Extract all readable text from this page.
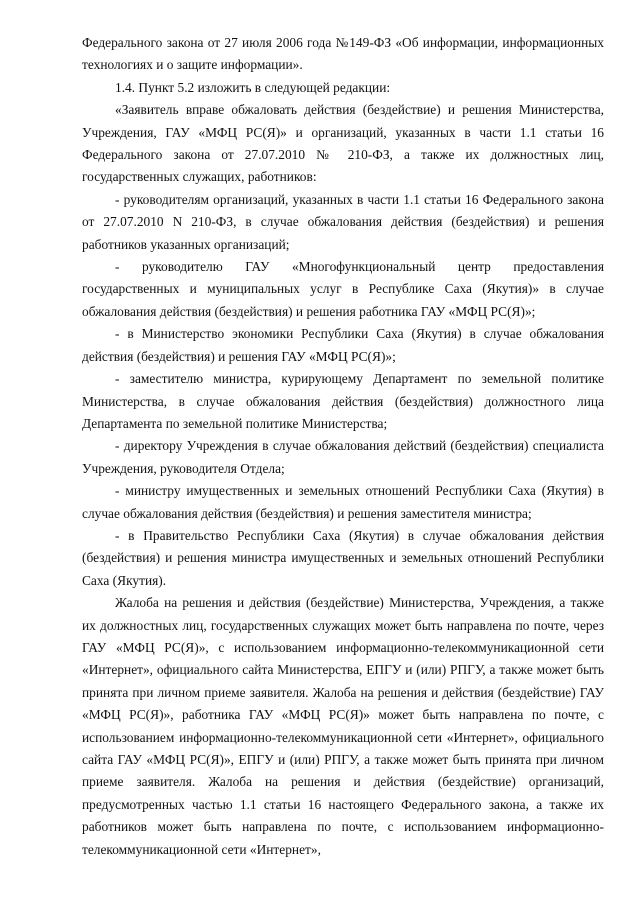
Федерального закона от 27 июля 2006 года №149-ФЗ «Об информации, информационных технологиях и о защите информации».

1.4. Пункт 5.2 изложить в следующей редакции:

«Заявитель вправе обжаловать действия (бездействие) и решения Министерства, Учреждения, ГАУ «МФЦ РС(Я)» и организаций, указанных в части 1.1 статьи 16 Федерального закона от 27.07.2010 № 210-ФЗ, а также их должностных лиц, государственных служащих, работников:

- руководителям организаций, указанных в части 1.1 статьи 16 Федерального закона от 27.07.2010 N 210-ФЗ, в случае обжалования действия (бездействия) и решения работников указанных организаций;

- руководителю ГАУ «Многофункциональный центр предоставления государственных и муниципальных услуг в Республике Саха (Якутия)» в случае обжалования действия (бездействия) и решения работника ГАУ «МФЦ РС(Я)»;

- в Министерство экономики Республики Саха (Якутия) в случае обжалования действия (бездействия) и решения ГАУ «МФЦ РС(Я)»;

- заместителю министра, курирующему Департамент по земельной политике Министерства, в случае обжалования действия (бездействия) должностного лица Департамента по земельной политике Министерства;

- директору Учреждения в случае обжалования действий (бездействия) специалиста Учреждения, руководителя Отдела;

- министру имущественных и земельных отношений Республики Саха (Якутия) в случае обжалования действия (бездействия) и решения заместителя министра;

- в Правительство Республики Саха (Якутия) в случае обжалования действия (бездействия) и решения министра имущественных и земельных отношений Республики Саха (Якутия).

Жалоба на решения и действия (бездействие) Министерства, Учреждения, а также их должностных лиц, государственных служащих может быть направлена по почте, через ГАУ «МФЦ РС(Я)», с использованием информационно-телекоммуникационной сети «Интернет», официального сайта Министерства, ЕПГУ и (или) РПГУ, а также может быть принята при личном приеме заявителя. Жалоба на решения и действия (бездействие) ГАУ «МФЦ РС(Я)», работника ГАУ «МФЦ РС(Я)» может быть направлена по почте, с использованием информационно-телекоммуникационной сети «Интернет», официального сайта ГАУ «МФЦ РС(Я)», ЕПГУ и (или) РПГУ, а также может быть принята при личном приеме заявителя. Жалоба на решения и действия (бездействие) организаций, предусмотренных частью 1.1 статьи 16 настоящего Федерального закона, а также их работников может быть направлена по почте, с использованием информационно-телекоммуникационной сети «Интернет»,
